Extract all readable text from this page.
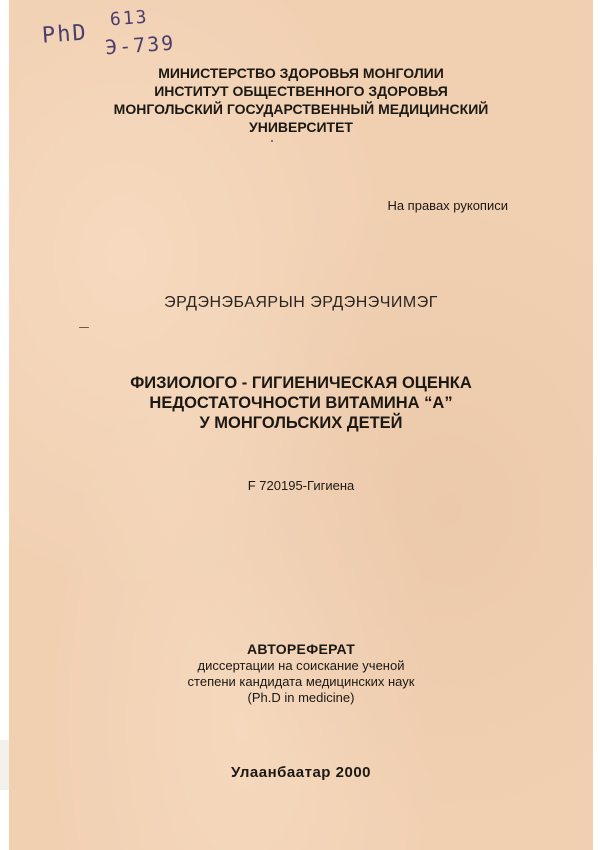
PhD
613
Э-739
МИНИСТЕРСТВО ЗДОРОВЬЯ МОНГОЛИИ
ИНСТИТУТ ОБЩЕСТВЕННОГО ЗДОРОВЬЯ
МОНГОЛЬСКИЙ ГОСУДАРСТВЕННЫЙ МЕДИЦИНСКИЙ
УНИВЕРСИТЕТ
На правах рукописи
ЭРДЭНЭБАЯРЫН ЭРДЭНЭЧИМЭГ
ФИЗИОЛОГО - ГИГИЕНИЧЕСКАЯ ОЦЕНКА
НЕДОСТАТОЧНОСТИ ВИТАМИНА “А”
У МОНГОЛЬСКИХ ДЕТЕЙ
F 720195-Гигиена
АВТОРЕФЕРАТ
диссертации на соискание ученой
степени кандидата медицинских наук
(Ph.D in medicine)
Улаанбаатар 2000
